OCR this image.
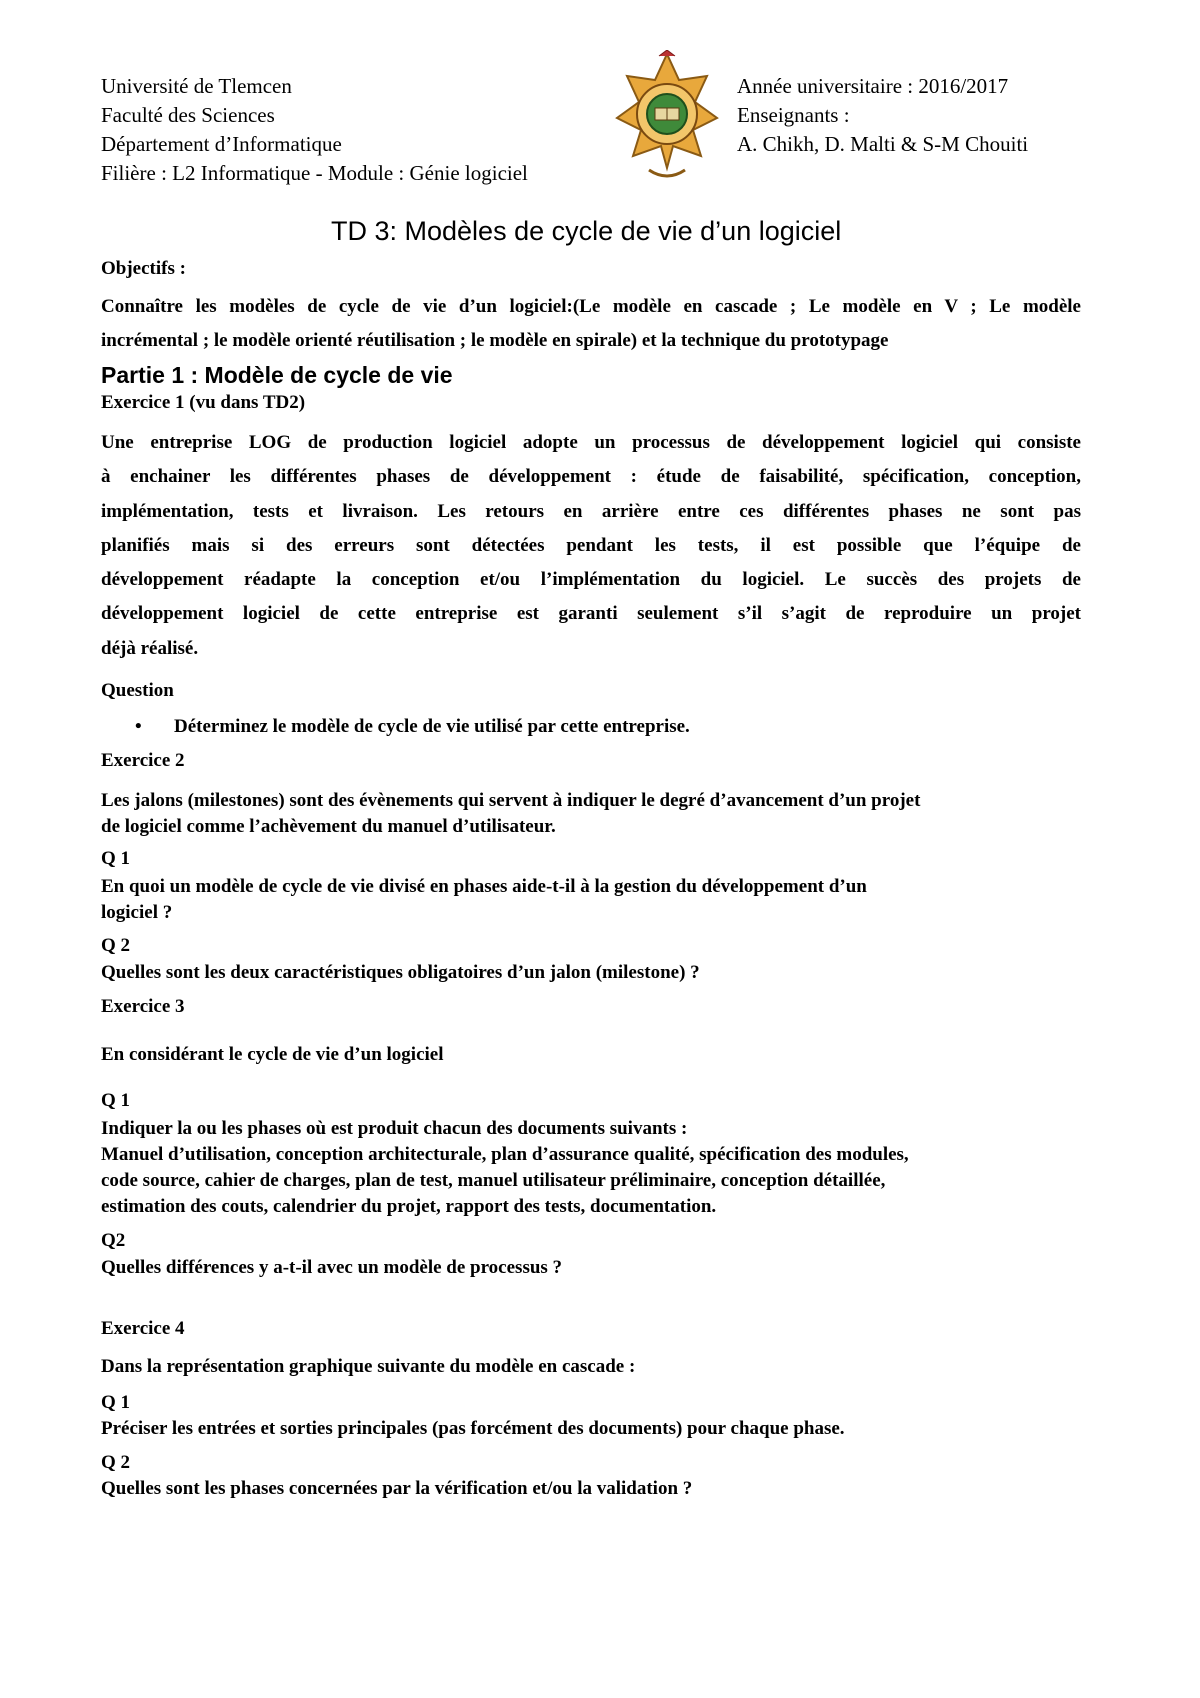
Université de Tlemcen
Faculté des Sciences
Département d’Informatique
Filière : L2 Informatique - Module : Génie logiciel
Année universitaire : 2016/2017
Enseignants :
A. Chikh, D. Malti & S-M Chouiti
TD 3: Modèles de cycle de vie d’un logiciel
Objectifs :
Connaître les modèles de cycle de vie d’un logiciel:(Le modèle en cascade ; Le modèle en V ; Le modèle
incrémental ; le modèle orienté réutilisation ; le modèle en spirale) et la technique du prototypage
Partie 1 : Modèle de cycle de vie
Exercice 1 (vu dans TD2)
Une entreprise LOG de production logiciel adopte un processus de développement logiciel qui consiste
à enchainer les différentes phases de développement : étude de faisabilité, spécification, conception,
implémentation, tests et livraison. Les retours en arrière entre ces différentes phases ne sont pas
planifiés mais si des erreurs sont détectées pendant les tests, il est possible que l’équipe de
développement réadapte la conception et/ou l’implémentation du logiciel. Le succès des projets de
développement logiciel de cette entreprise est garanti seulement s’il s’agit de reproduire un projet
déjà réalisé.
Question
• Déterminez le modèle de cycle de vie utilisé par cette entreprise.
Exercice 2
Les jalons (milestones) sont des évènements qui servent à indiquer le degré d’avancement d’un projet
de logiciel comme l’achèvement du manuel d’utilisateur.
Q 1
En quoi un modèle de cycle de vie divisé en phases aide-t-il à la gestion du développement d’un
logiciel ?
Q 2
Quelles sont les deux caractéristiques obligatoires d’un jalon (milestone) ?
Exercice 3
En considérant le cycle de vie d’un logiciel
Q 1
Indiquer la ou les phases où est produit chacun des documents suivants :
Manuel d’utilisation, conception architecturale, plan d’assurance qualité, spécification des modules,
code source, cahier de charges, plan de test, manuel utilisateur préliminaire, conception détaillée,
estimation des couts, calendrier du projet, rapport des tests, documentation.
Q2
Quelles différences y a-t-il avec un modèle de processus ?
Exercice 4
Dans la représentation graphique suivante du modèle en cascade :
Q 1
Préciser les entrées et sorties principales (pas forcément des documents) pour chaque phase.
Q 2
Quelles sont les phases concernées par la vérification et/ou la validation ?
